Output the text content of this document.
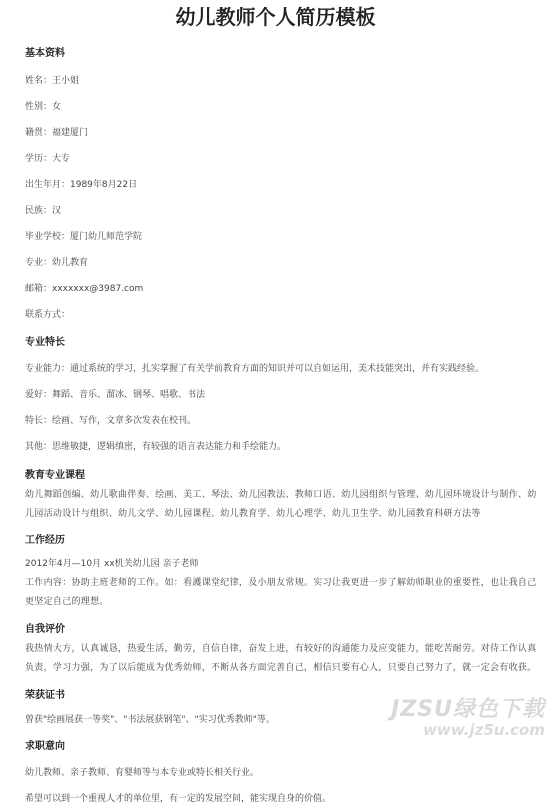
幼儿教师个人简历模板

基本资料

姓名：王小姐

性别：女

籍贯：福建厦门

学历：大专

出生年月：1989年8月22日

民族：汉

毕业学校：厦门幼儿师范学院

专业：幼儿教育

邮箱：xxxxxxx@3987.com

联系方式：

专业特长

专业能力：通过系统的学习，扎实掌握了有关学前教育方面的知识并可以自如运用，美术技能突出，并有实践经验。

爱好：舞蹈、音乐、溜冰、钢琴、唱歌、书法

特长：绘画、写作，文章多次发表在校刊。

其他：思维敏捷，逻辑缜密，有较强的语言表达能力和手绘能力。

教育专业课程

幼儿舞蹈创编、幼儿歌曲伴奏、绘画、美工、琴法、幼儿园教法、教师口语、幼儿园组织与管理、幼儿园环境设计与制作、幼儿园活动设计与组织、幼儿文学、幼儿园课程、幼儿教育学、幼儿心理学、幼儿卫生学、幼儿园教育科研方法等

工作经历

2012年4月—10月 xx机关幼儿园 亲子老师

工作内容：协助主班老师的工作。如：看護课堂纪律，及小朋友常规。实习让我更进一步了解幼师职业的重要性，也让我自己更坚定自己的理想。

自我评价

我热情大方，认真诚恳，热爱生活，勤劳，自信自律，奋发上进，有较好的沟通能力及应变能力，能吃苦耐劳。对待工作认真负责，学习力强，为了以后能成为优秀幼师，不断从各方面完善自己，相信只要有心人，只要自己努力了，就一定会有收获。

荣获证书

曾获"绘画展获一等奖"、"书法展获钢笔"、"实习优秀教师"等。

求职意向

幼儿教师、亲子教师、育婴师等与本专业或特长相关行业。

希望可以到一个重视人才的单位里，有一定的发展空间，能实现自身的价值。

JZSU绿色下载
www.jz5u.com
